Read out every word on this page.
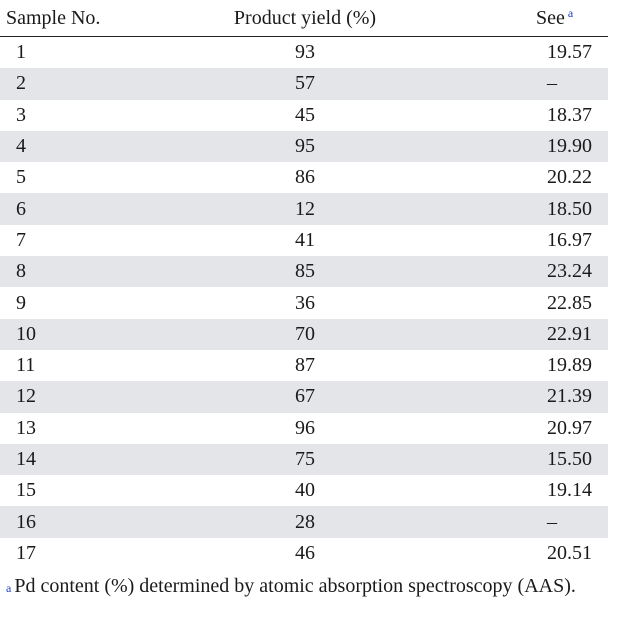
Sample No.	Product yield (%)	See $^a$
1	93	19.57
2	57	–
3	45	18.37
4	95	19.90
5	86	20.22
6	12	18.50
7	41	16.97
8	85	23.24
9	36	22.85
10	70	22.91
11	87	19.89
12	67	21.39
13	96	20.97
14	75	15.50
15	40	19.14
16	28	–
17	46	20.51
$^a$ Pd content (%) determined by atomic absorption spectroscopy (AAS).
